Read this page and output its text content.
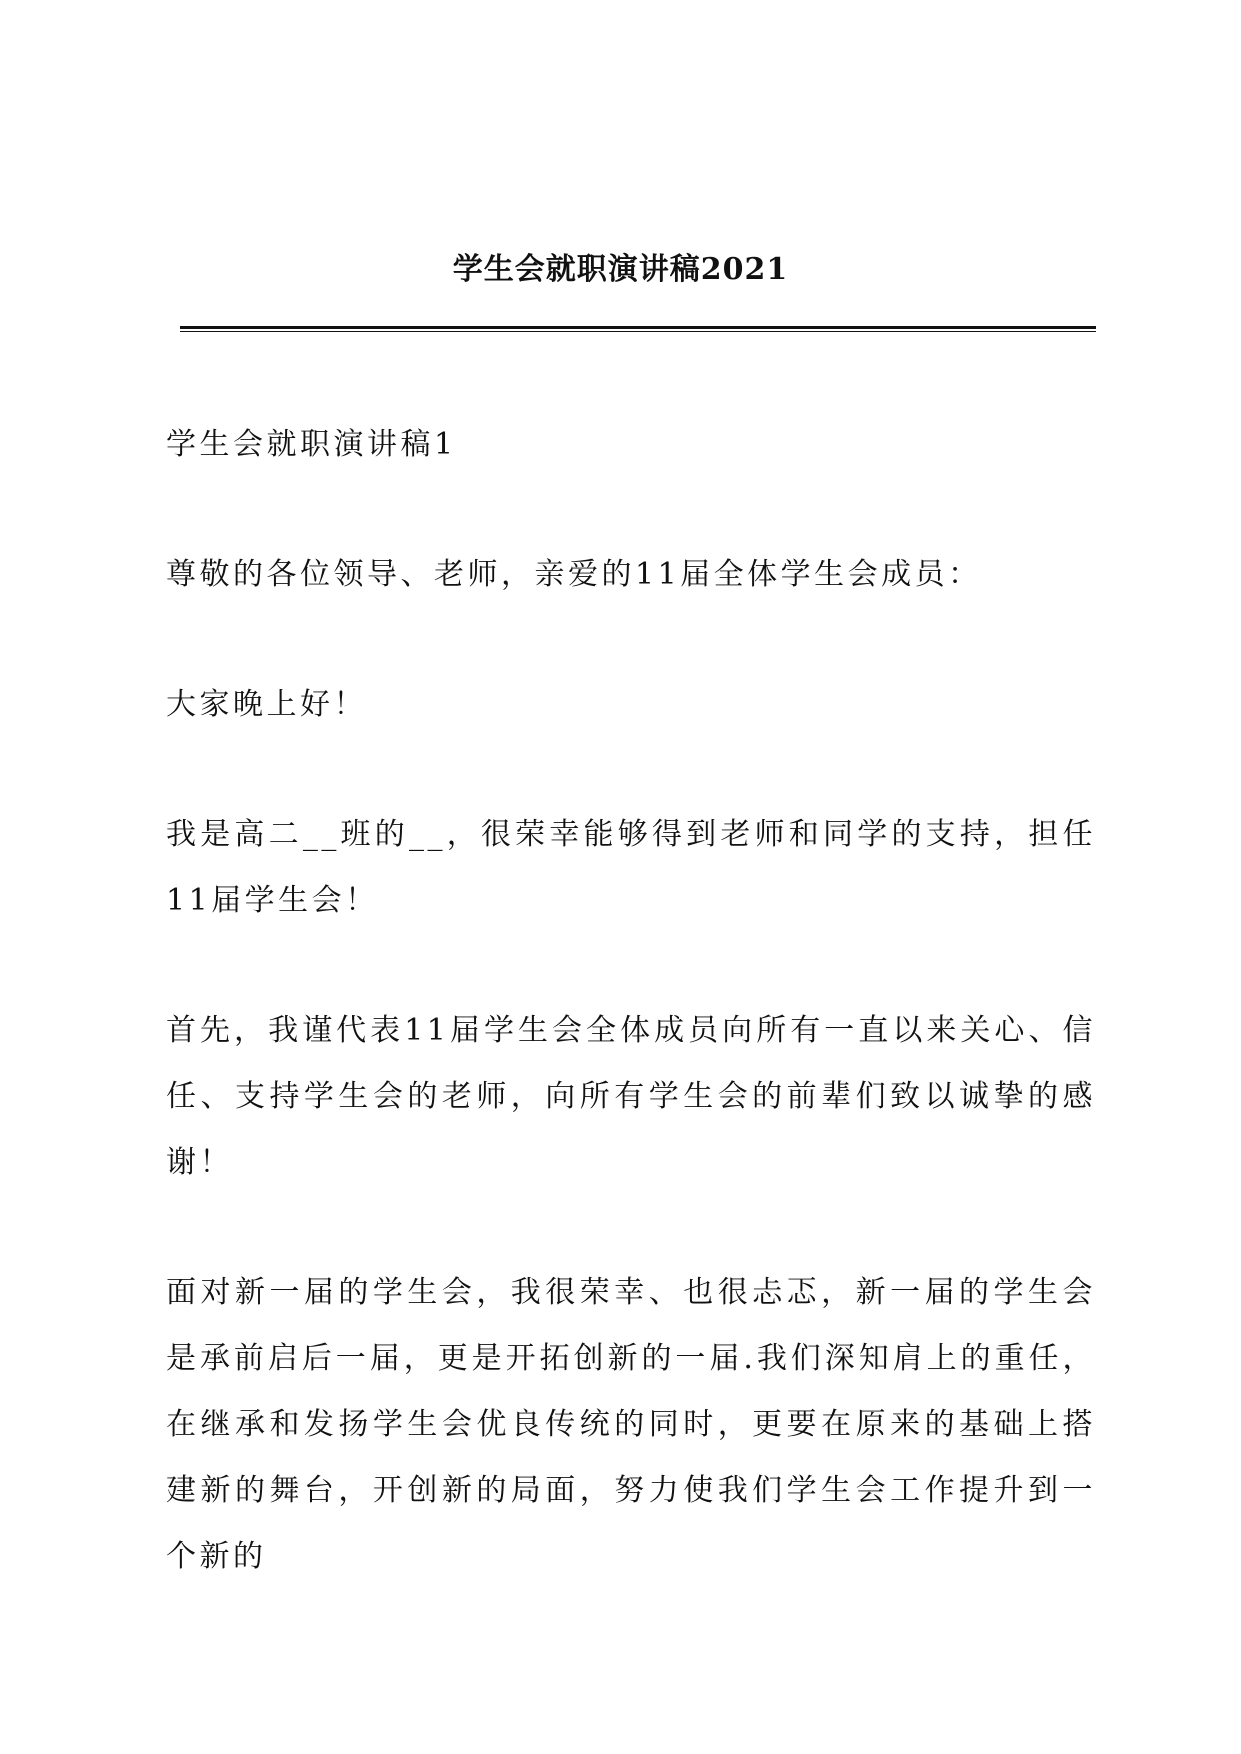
学生会就职演讲稿2021

学生会就职演讲稿1

尊敬的各位领导、老师，亲爱的11届全体学生会成员：

大家晚上好！

我是高二__班的__，很荣幸能够得到老师和同学的支持，担任11届学生会！

首先，我谨代表11届学生会全体成员向所有一直以来关心、信任、支持学生会的老师，向所有学生会的前辈们致以诚挚的感谢！

面对新一届的学生会，我很荣幸、也很忐忑，新一届的学生会是承前启后一届，更是开拓创新的一届.我们深知肩上的重任，在继承和发扬学生会优良传统的同时，更要在原来的基础上搭建新的舞台，开创新的局面，努力使我们学生会工作提升到一个新的
